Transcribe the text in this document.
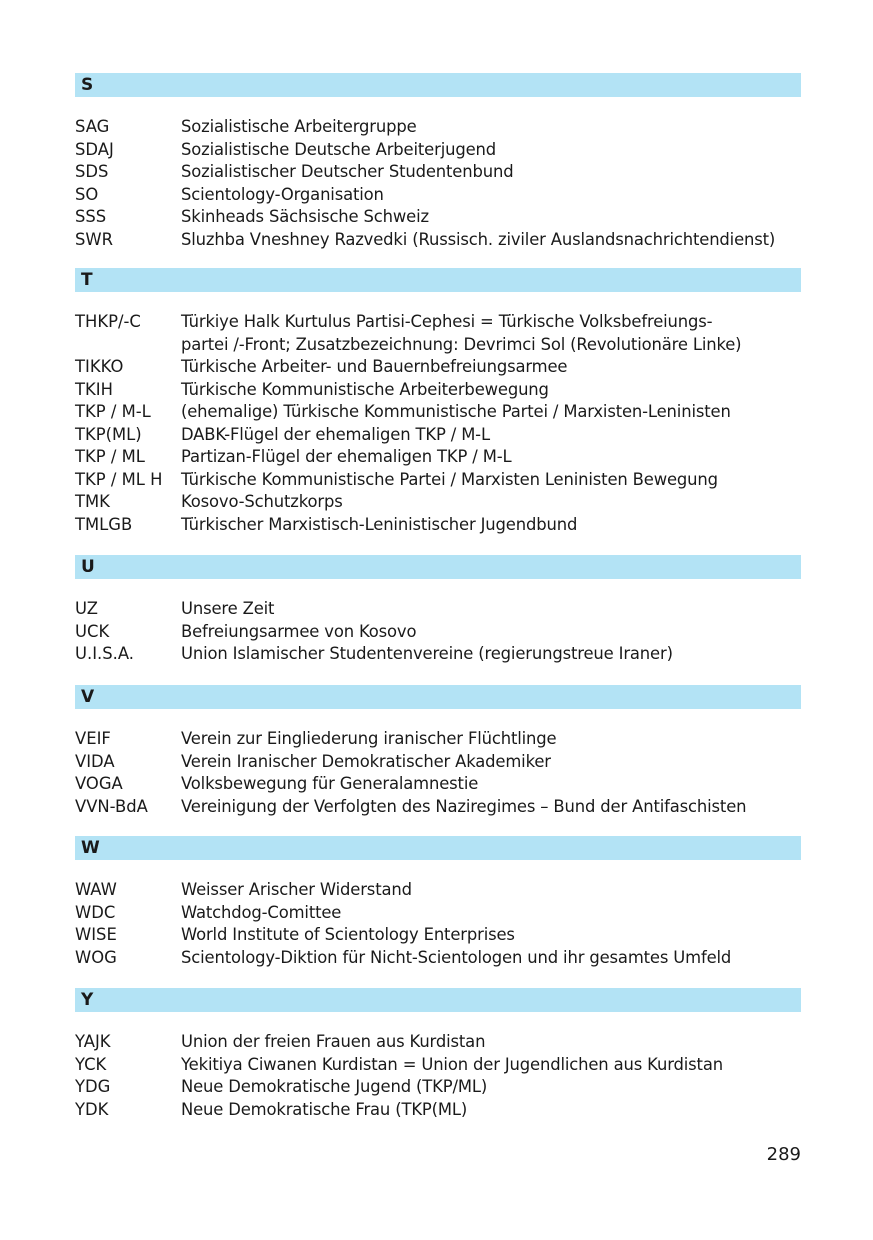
S
SAG	Sozialistische Arbeitergruppe
SDAJ	Sozialistische Deutsche Arbeiterjugend
SDS	Sozialistischer Deutscher Studentenbund
SO	Scientology-Organisation
SSS	Skinheads Sächsische Schweiz
SWR	Sluzhba Vneshney Razvedki (Russisch. ziviler Auslandsnachrichtendienst)
T
THKP/-C	Türkiye Halk Kurtulus Partisi-Cephesi = Türkische Volksbefreiungs-
partei /-Front; Zusatzbezeichnung: Devrimci Sol (Revolutionäre Linke)
TIKKO	Türkische Arbeiter- und Bauernbefreiungsarmee
TKIH	Türkische Kommunistische Arbeiterbewegung
TKP / M-L	(ehemalige) Türkische Kommunistische Partei / Marxisten-Leninisten
TKP(ML)	DABK-Flügel der ehemaligen TKP / M-L
TKP / ML	Partizan-Flügel der ehemaligen TKP / M-L
TKP / ML H	Türkische Kommunistische Partei / Marxisten Leninisten Bewegung
TMK	Kosovo-Schutzkorps
TMLGB	Türkischer Marxistisch-Leninistischer Jugendbund
U
UZ	Unsere Zeit
UCK	Befreiungsarmee von Kosovo
U.I.S.A.	Union Islamischer Studentenvereine (regierungstreue Iraner)
V
VEIF	Verein zur Eingliederung iranischer Flüchtlinge
VIDA	Verein Iranischer Demokratischer Akademiker
VOGA	Volksbewegung für Generalamnestie
VVN-BdA	Vereinigung der Verfolgten des Naziregimes – Bund der Antifaschisten
W
WAW	Weisser Arischer Widerstand
WDC	Watchdog-Comittee
WISE	World Institute of Scientology Enterprises
WOG	Scientology-Diktion für Nicht-Scientologen und ihr gesamtes Umfeld
Y
YAJK	Union der freien Frauen aus Kurdistan
YCK	Yekitiya Ciwanen Kurdistan = Union der Jugendlichen aus Kurdistan
YDG	Neue Demokratische Jugend (TKP/ML)
YDK	Neue Demokratische Frau (TKP(ML)
289
